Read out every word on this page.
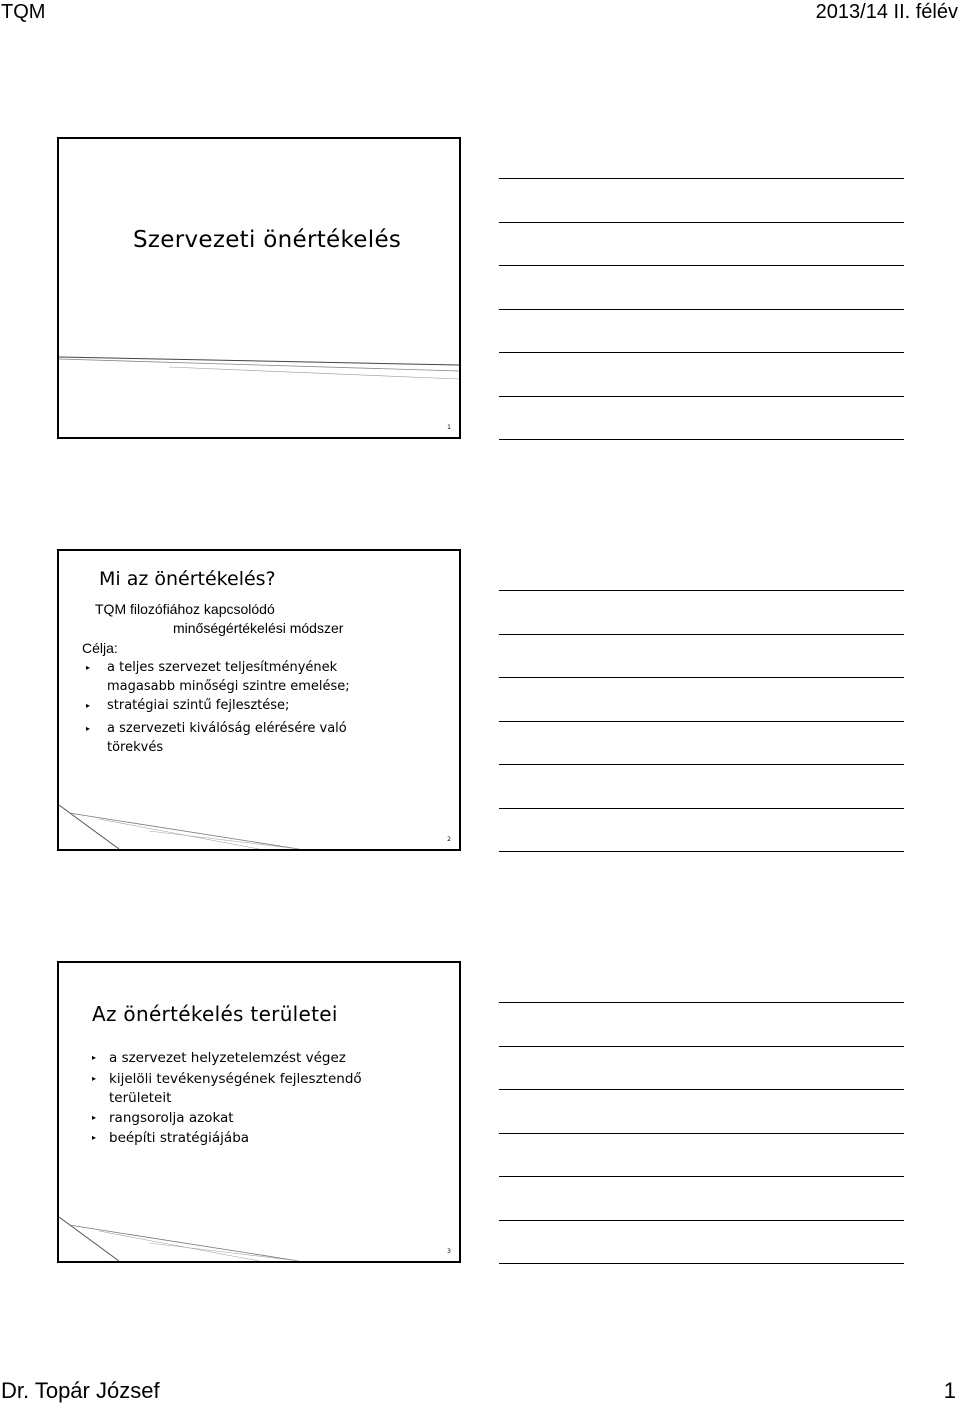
TQM	2013/14 II. félév
Szervezeti önértékelés
1
Mi az önértékelés?
TQM filozófiához kapcsolódó
minőségértékelési módszer
Célja:
▸ a teljes szervezet teljesítményének
magasabb minőségi szintre emelése;
▸ stratégiai szintű fejlesztése;
▸ a szervezeti kiválóság elérésére való
törekvés
2
Az önértékelés területei
▸ a szervezet helyzetelemzést végez
▸ kijelöli tevékenységének fejlesztendő
területeit
▸ rangsorolja azokat
▸ beépíti stratégiájába
3
Dr. Topár József	1
